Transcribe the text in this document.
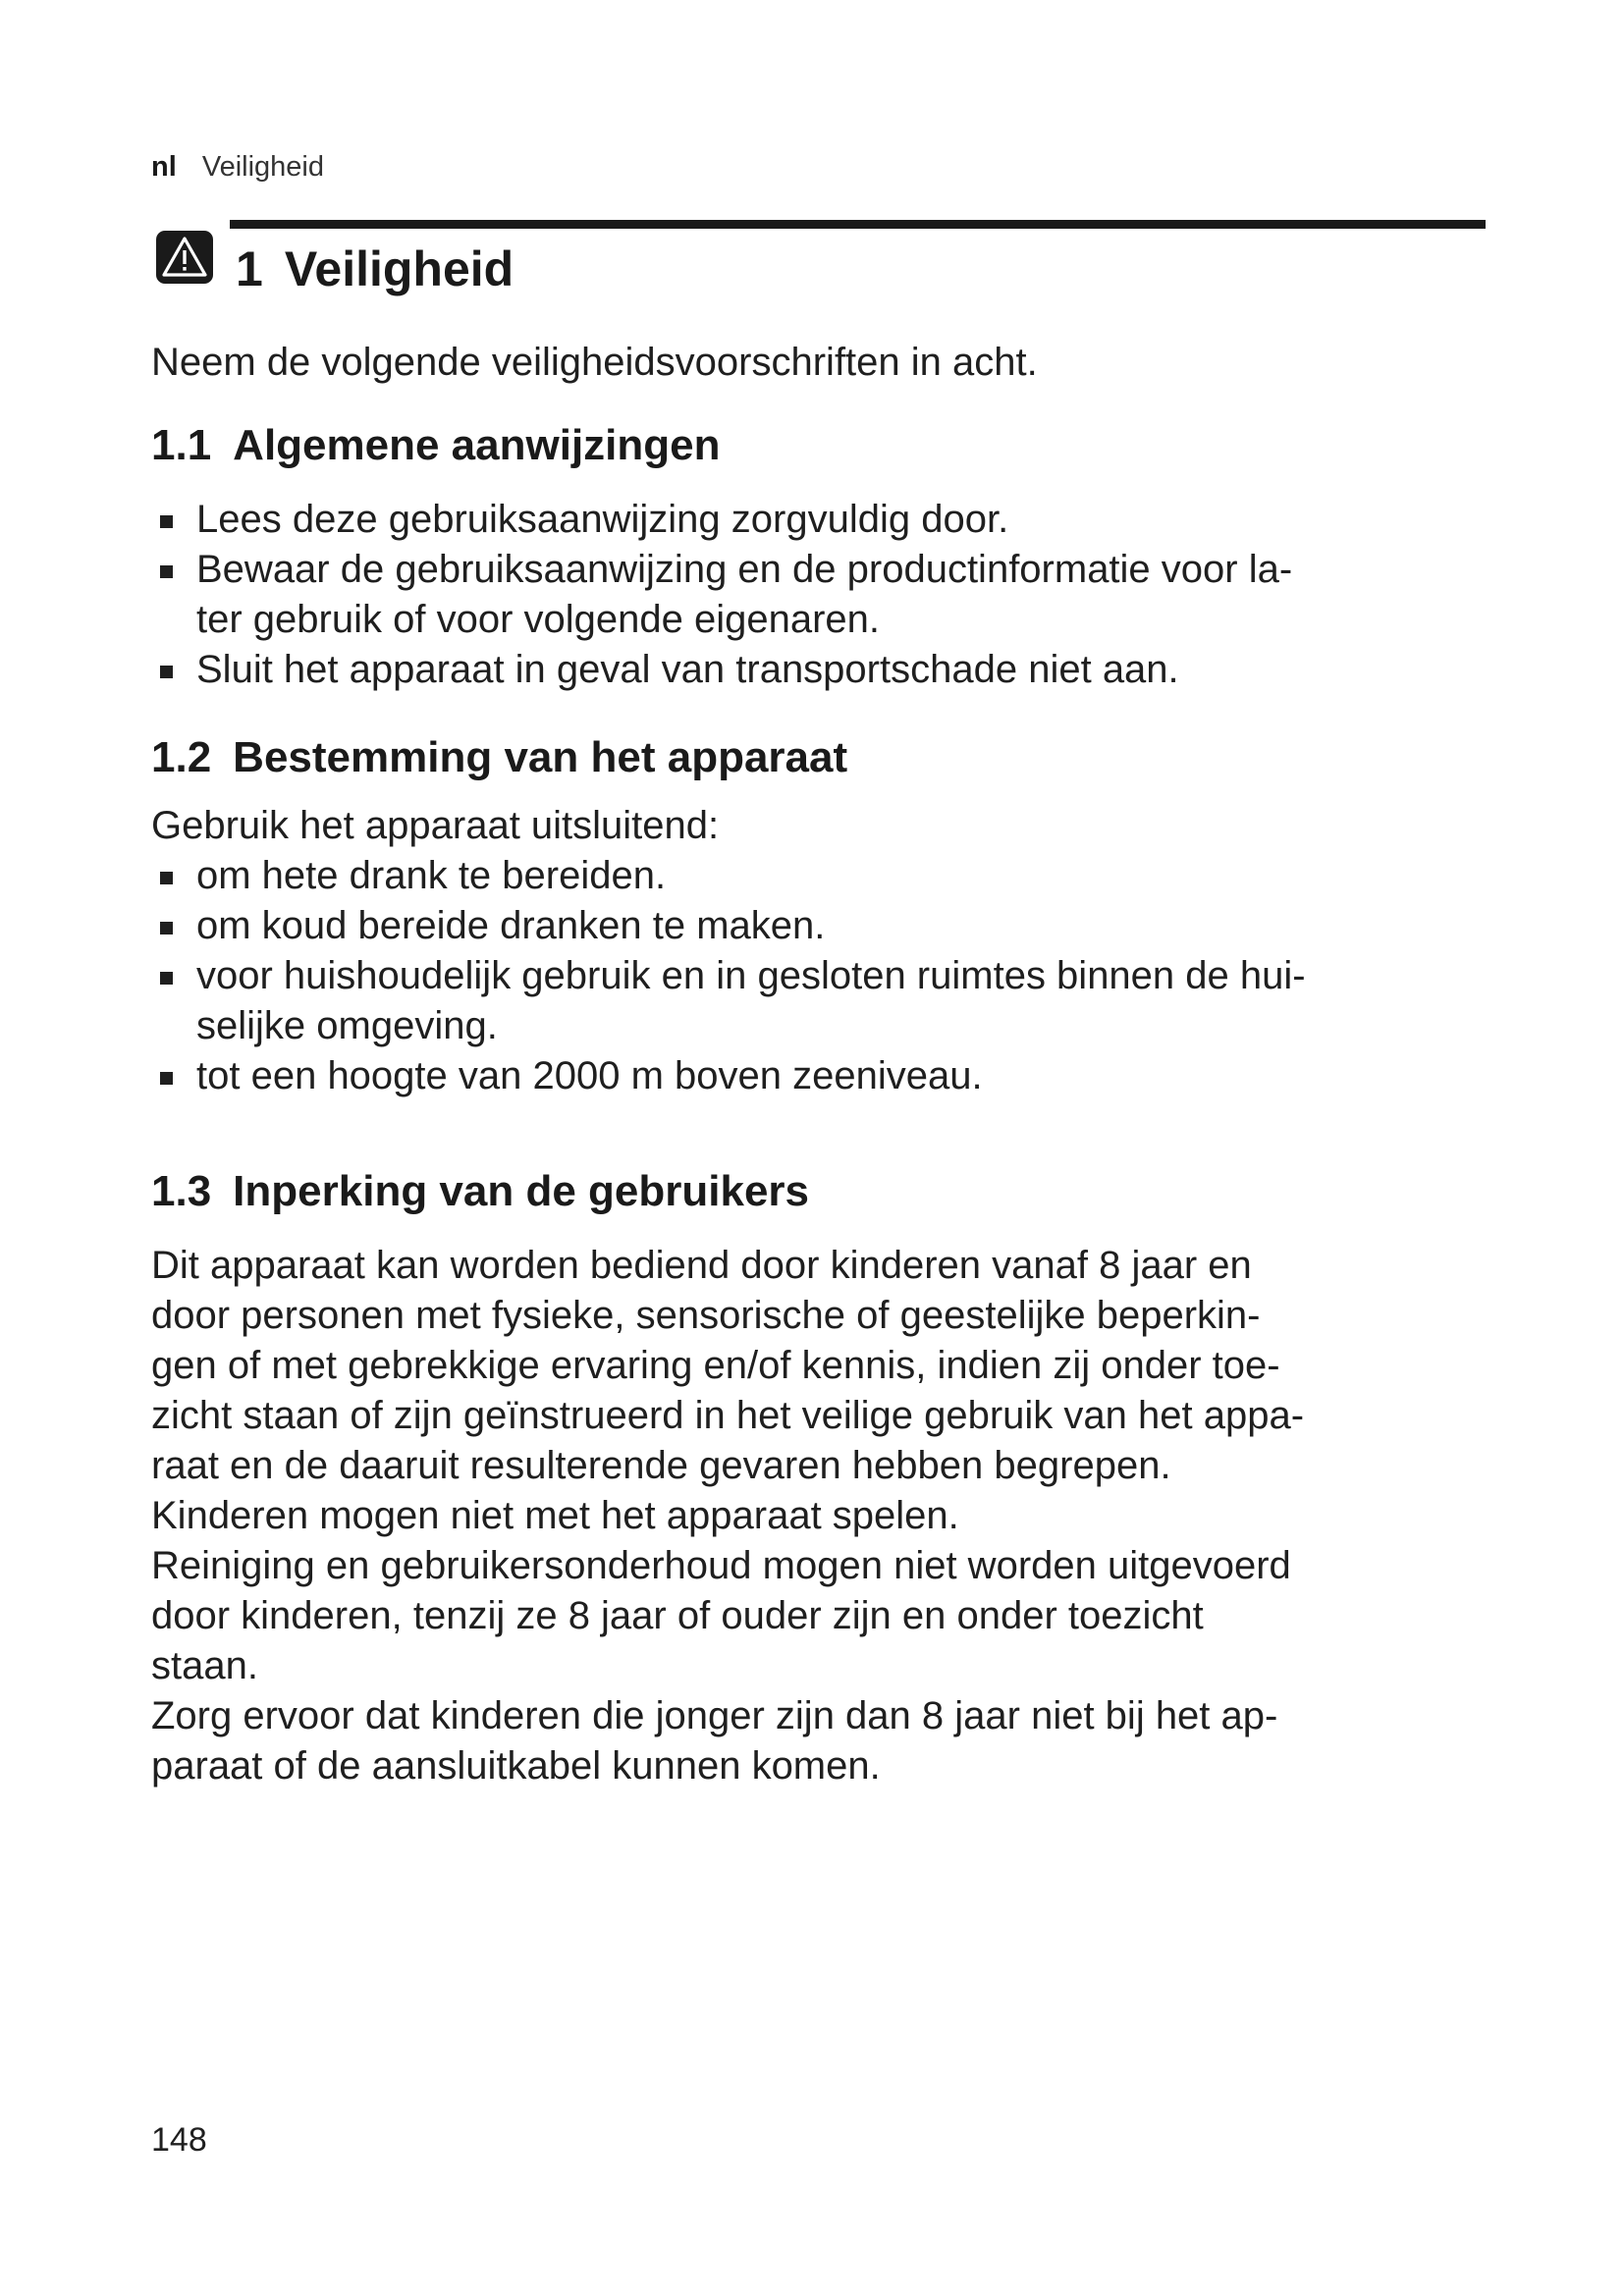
nl Veiligheid
1 Veiligheid

Neem de volgende veiligheidsvoorschriften in acht.

1.1 Algemene aanwijzingen
Lees deze gebruiksaanwijzing zorgvuldig door.
Bewaar de gebruiksaanwijzing en de productinformatie voor la-
ter gebruik of voor volgende eigenaren.
Sluit het apparaat in geval van transportschade niet aan.
1.2 Bestemming van het apparaat

Gebruik het apparaat uitsluitend:

om hete drank te bereiden.
om koud bereide dranken te maken.
voor huishoudelijk gebruik en in gesloten ruimtes binnen de hui-
selijke omgeving.
tot een hoogte van 2000 m boven zeeniveau.
1.3 Inperking van de gebruikers

Dit apparaat kan worden bediend door kinderen vanaf 8 jaar en
door personen met fysieke, sensorische of geestelijke beperkin-
gen of met gebrekkige ervaring en/of kennis, indien zij onder toe-
zicht staan of zijn geïnstrueerd in het veilige gebruik van het appa-
raat en de daaruit resulterende gevaren hebben begrepen.
Kinderen mogen niet met het apparaat spelen.
Reiniging en gebruikersonderhoud mogen niet worden uitgevoerd
door kinderen, tenzij ze 8 jaar of ouder zijn en onder toezicht
staan.
Zorg ervoor dat kinderen die jonger zijn dan 8 jaar niet bij het ap-
paraat of de aansluitkabel kunnen komen.

148
